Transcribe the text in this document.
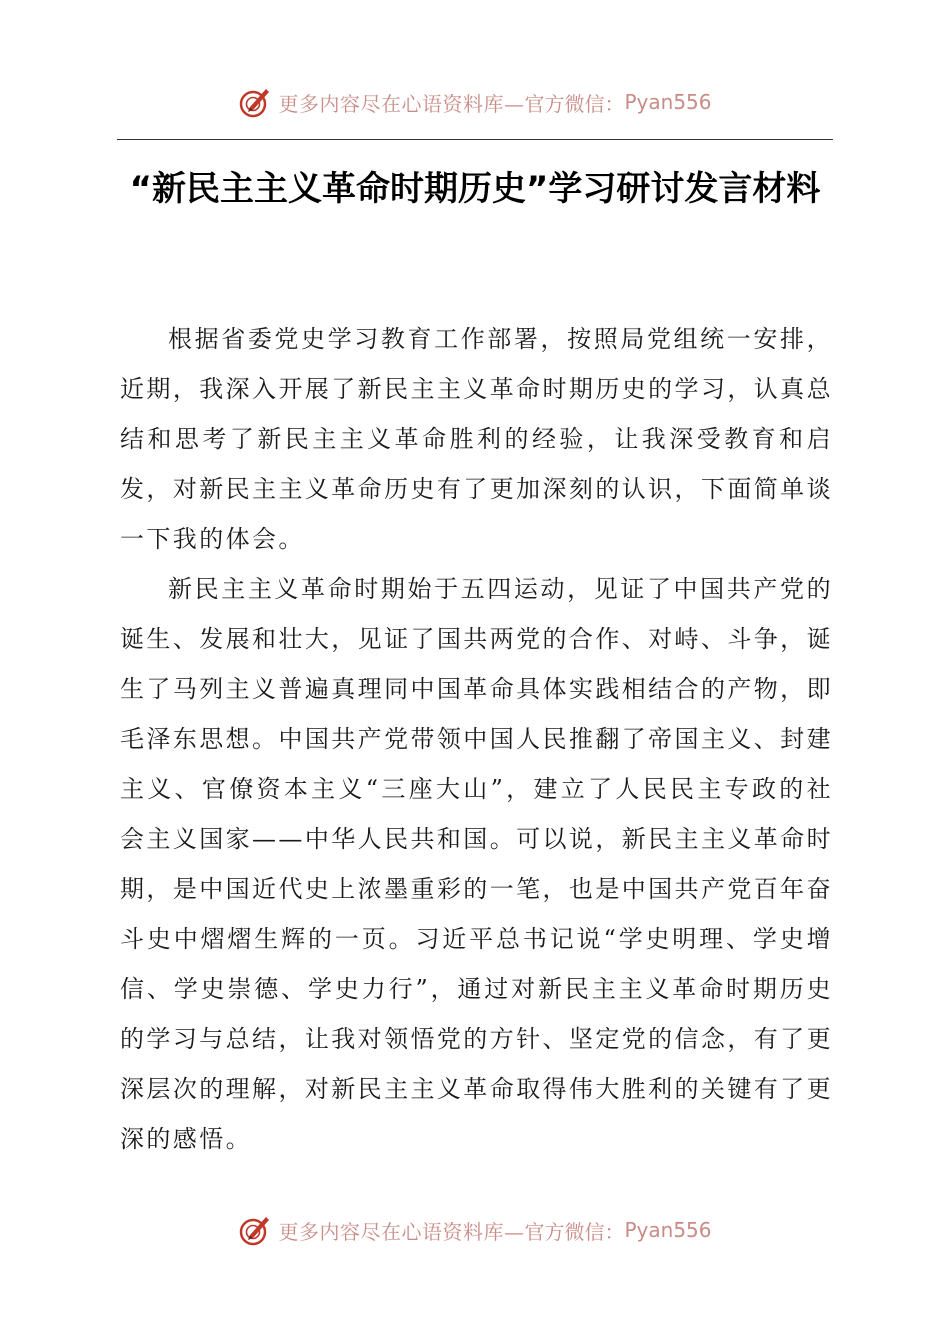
更多内容尽在心语资料库— 官方微信： Pyan556
“新民主主义革命时期历史”学习研讨发言材料

根据省委党史学习教育工作部署，按照局党组统一安排，近期，我深入开展了新民主主义革命时期历史的学习，认真总结和思考了新民主主义革命胜利的经验，让我深受教育和启发，对新民主主义革命历史有了更加深刻的认识，下面简单谈一下我的体会。

新民主主义革命时期始于五四运动，见证了中国共产党的诞生、发展和壮大，见证了国共两党的合作、对峙、斗争，诞生了马列主义普遍真理同中国革命具体实践相结合的产物，即毛泽东思想。中国共产党带领中国人民推翻了帝国主义、封建主义、官僚资本主义“三座大山”，建立了人民民主专政的社会主义国家——中华人民共和国。可以说，新民主主义革命时期，是中国近代史上浓墨重彩的一笔，也是中国共产党百年奋斗史中熠熠生辉的一页。习近平总书记说“学史明理、学史增信、学史崇德、学史力行”，通过对新民主主义革命时期历史的学习与总结，让我对领悟党的方针、坚定党的信念，有了更深层次的理解，对新民主主义革命取得伟大胜利的关键有了更深的感悟。

更多内容尽在心语资料库— 官方微信： Pyan556
